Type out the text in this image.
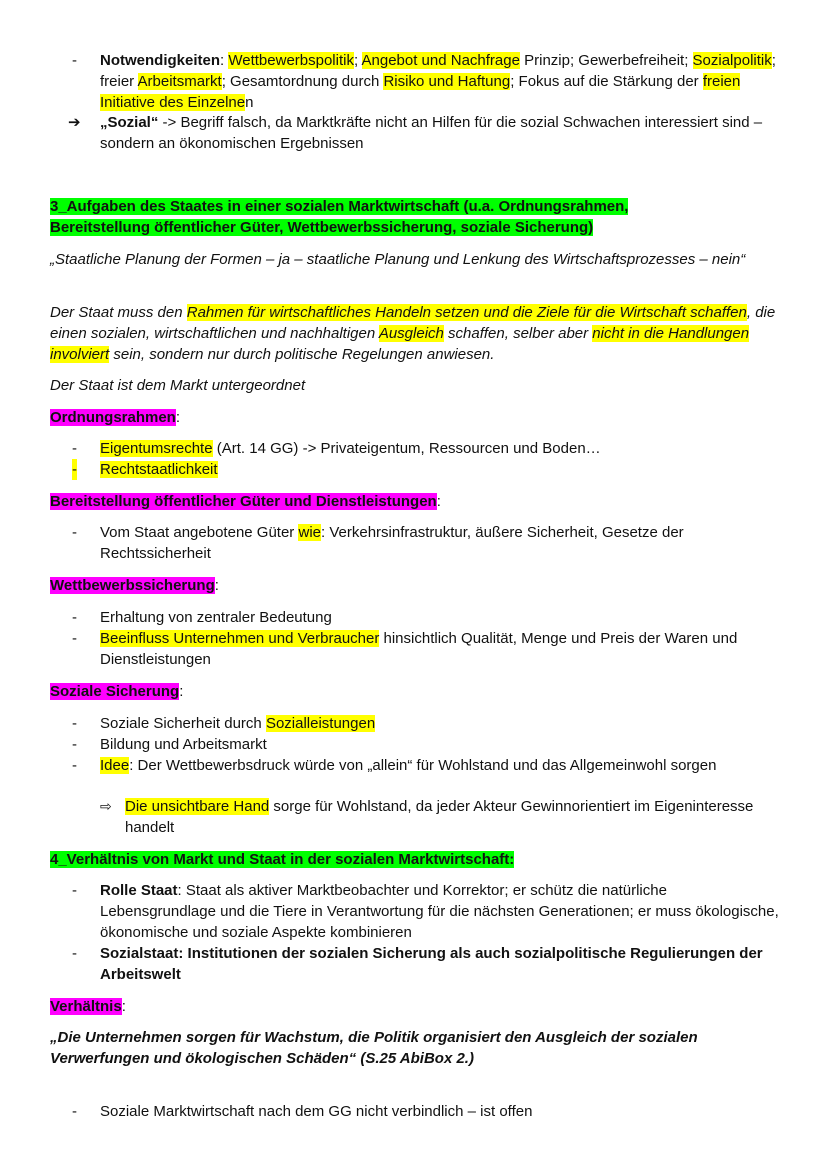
- Notwendigkeiten: Wettbewerbspolitik; Angebot und Nachfrage Prinzip; Gewerbefreiheit; Sozialpolitik; freier Arbeitsmarkt; Gesamtordnung durch Risiko und Haftung; Fokus auf die Stärkung der freien Initiative des Einzelnen
➔ „Sozial“ -> Begriff falsch, da Marktkräfte nicht an Hilfen für die sozial Schwachen interessiert sind – sondern an ökonomischen Ergebnissen
3_Aufgaben des Staates in einer sozialen Marktwirtschaft (u.a. Ordnungsrahmen,
Bereitstellung öffentlicher Güter, Wettbewerbssicherung, soziale Sicherung)
„Staatliche Planung der Formen – ja – staatliche Planung und Lenkung des Wirtschaftsprozesses – nein“
Der Staat muss den Rahmen für wirtschaftliches Handeln setzen und die Ziele für die Wirtschaft schaffen, die einen sozialen, wirtschaftlichen und nachhaltigen Ausgleich schaffen, selber aber nicht in die Handlungen involviert sein, sondern nur durch politische Regelungen anwiesen.
Der Staat ist dem Markt untergeordnet
Ordnungsrahmen:
- Eigentumsrechte (Art. 14 GG) -> Privateigentum, Ressourcen und Boden…
- Rechtstaatlichkeit
Bereitstellung öffentlicher Güter und Dienstleistungen:
- Vom Staat angebotene Güter wie: Verkehrsinfrastruktur, äußere Sicherheit, Gesetze der Rechtssicherheit
Wettbewerbssicherung:
- Erhaltung von zentraler Bedeutung
- Beeinfluss Unternehmen und Verbraucher hinsichtlich Qualität, Menge und Preis der Waren und Dienstleistungen
Soziale Sicherung:
- Soziale Sicherheit durch Sozialleistungen
- Bildung und Arbeitsmarkt
- Idee: Der Wettbewerbsdruck würde von „allein“ für Wohlstand und das Allgemeinwohl sorgen
⇨ Die unsichtbare Hand sorge für Wohlstand, da jeder Akteur Gewinnorientiert im Eigeninteresse handelt
4_Verhältnis von Markt und Staat in der sozialen Marktwirtschaft:
- Rolle Staat: Staat als aktiver Marktbeobachter und Korrektor; er schütz die natürliche Lebensgrundlage und die Tiere in Verantwortung für die nächsten Generationen; er muss ökologische, ökonomische und soziale Aspekte kombinieren
- Sozialstaat: Institutionen der sozialen Sicherung als auch sozialpolitische Regulierungen der Arbeitswelt
Verhältnis:
„Die Unternehmen sorgen für Wachstum, die Politik organisiert den Ausgleich der sozialen Verwerfungen und ökologischen Schäden“ (S.25 AbiBox 2.)
- Soziale Marktwirtschaft nach dem GG nicht verbindlich – ist offen
